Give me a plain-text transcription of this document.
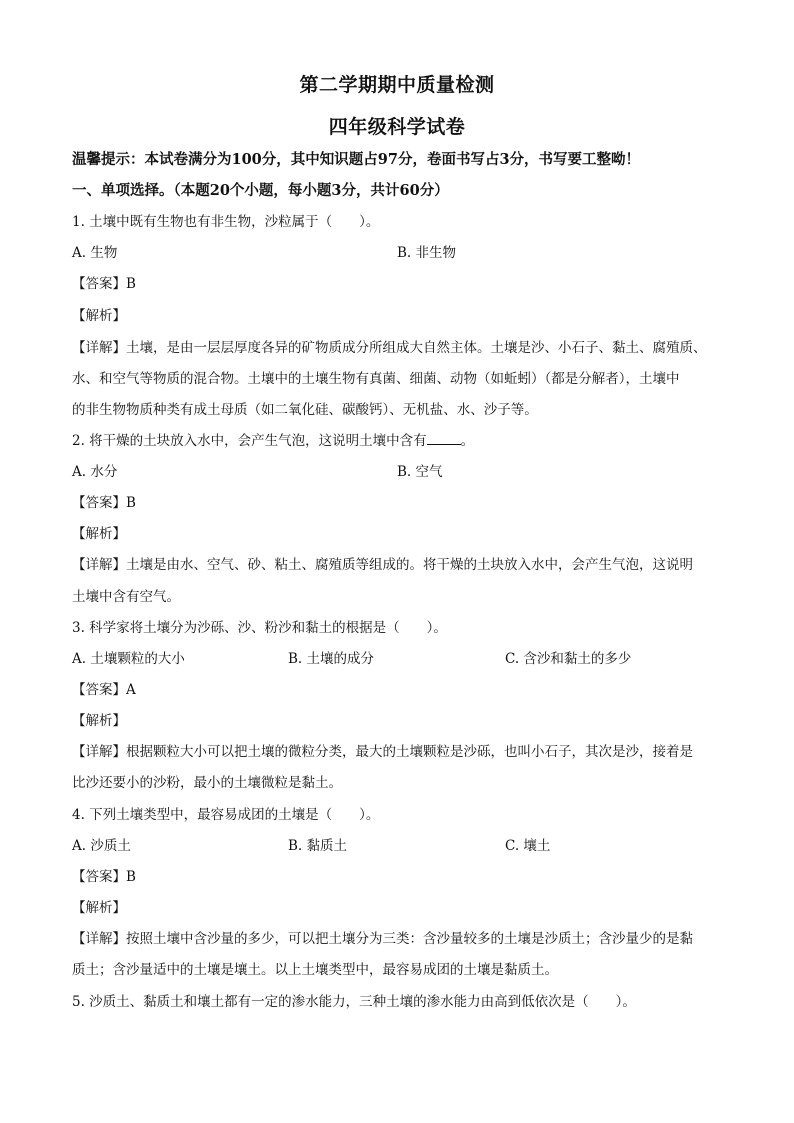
第二学期期中质量检测
四年级科学试卷
温馨提示：本试卷满分为100分，其中知识题占97分，卷面书写占3分，书写要工整呦！
一、单项选择。（本题20个小题，每小题3分，共计60分）
1. 土壤中既有生物也有非生物，沙粒属于（　　）。
A. 生物	B. 非生物
【答案】B
【解析】
【详解】土壤，是由一层层厚度各异的矿物质成分所组成大自然主体。土壤是沙、小石子、黏土、腐殖质、
水、和空气等物质的混合物。土壤中的土壤生物有真菌、细菌、动物（如蚯蚓）（都是分解者），土壤中
的非生物物质种类有成土母质（如二氧化硅、碳酸钙）、无机盐、水、沙子等。
2. 将干燥的土块放入水中，会产生气泡，这说明土壤中含有	。
A. 水分	B. 空气
【答案】B
【解析】
【详解】土壤是由水、空气、砂、粘土、腐殖质等组成的。将干燥的土块放入水中，会产生气泡，这说明
土壤中含有空气。
3. 科学家将土壤分为沙砾、沙、粉沙和黏土的根据是（　　）。
A. 土壤颗粒的大小	B. 土壤的成分	C. 含沙和黏土的多少
【答案】A
【解析】
【详解】根据颗粒大小可以把土壤的微粒分类，最大的土壤颗粒是沙砾，也叫小石子，其次是沙，接着是
比沙还要小的沙粉，最小的土壤微粒是黏土。
4. 下列土壤类型中，最容易成团的土壤是（　　）。
A. 沙质土	B. 黏质土	C. 壤土
【答案】B
【解析】
【详解】按照土壤中含沙量的多少，可以把土壤分为三类：含沙量较多的土壤是沙质土；含沙量少的是黏
质土；含沙量适中的土壤是壤土。以上土壤类型中，最容易成团的土壤是黏质土。
5. 沙质土、黏质土和壤土都有一定的渗水能力，三种土壤的渗水能力由高到低依次是（　　）。
